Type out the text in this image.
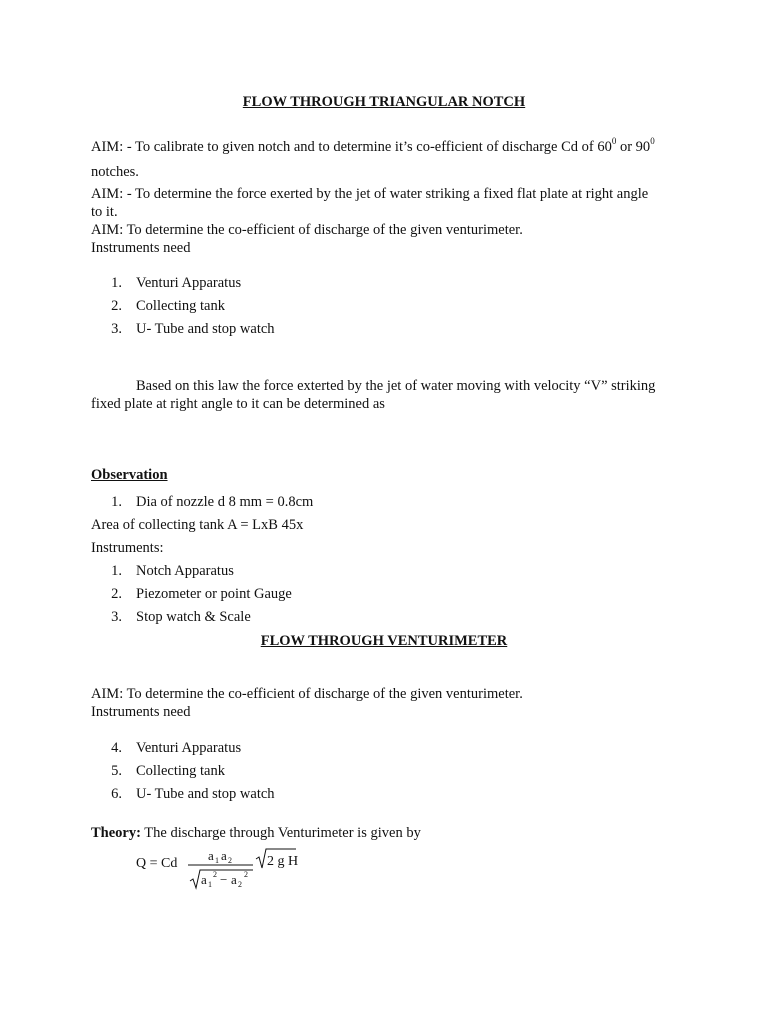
FLOW THROUGH TRIANGULAR NOTCH
AIM: - To calibrate to given notch and to determine it’s co-efficient of discharge Cd of $60^0$ or $90^0$
notches.
AIM: - To determine the force exerted by the jet of water striking a fixed flat plate at right angle
to it.
AIM: To determine the co-efficient of discharge of the given venturimeter.
Instruments need
1. Venturi Apparatus
2. Collecting tank
3. U- Tube and stop watch
Based on this law the force exterted by the jet of water moving with velocity “V” striking
fixed plate at right angle to it can be determined as
Observation
1. Dia of nozzle d 8 mm = 0.8cm
Area of collecting tank A = LxB 45x
Instruments:
1. Notch Apparatus
2. Piezometer or point Gauge
3. Stop watch & Scale
FLOW THROUGH VENTURIMETER
AIM: To determine the co-efficient of discharge of the given venturimeter.
Instruments need
4. Venturi Apparatus
5. Collecting tank
6. U- Tube and stop watch
Theory: The discharge through Venturimeter is given by
Q = Cd
a 1 a 2
a 1
2 − a 2
2
2 g H
